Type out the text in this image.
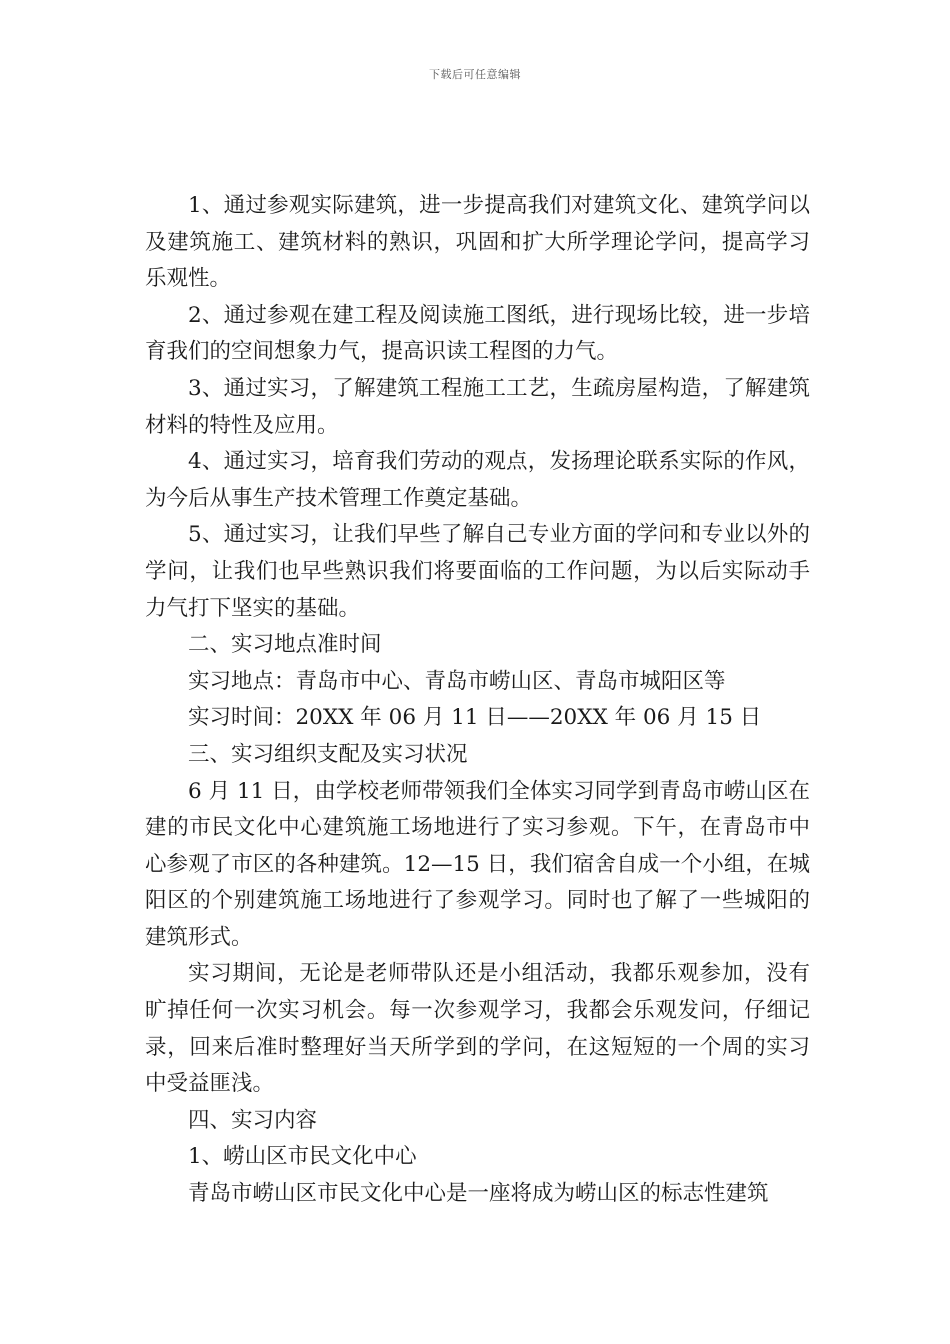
下载后可任意编辑

1、通过参观实际建筑，进一步提高我们对建筑文化、建筑学问以及建筑施工、建筑材料的熟识，巩固和扩大所学理论学问，提高学习乐观性。

2、通过参观在建工程及阅读施工图纸，进行现场比较，进一步培育我们的空间想象力气，提高识读工程图的力气。

3、通过实习，了解建筑工程施工工艺，生疏房屋构造，了解建筑材料的特性及应用。

4、通过实习，培育我们劳动的观点，发扬理论联系实际的作风，为今后从事生产技术管理工作奠定基础。

5、通过实习，让我们早些了解自己专业方面的学问和专业以外的学问，让我们也早些熟识我们将要面临的工作问题，为以后实际动手力气打下坚实的基础。

二、实习地点准时间

实习地点：青岛市中心、青岛市崂山区、青岛市城阳区等

实习时间：20XX 年 06 月 11 日——20XX 年 06 月 15 日

三、实习组织支配及实习状况

6 月 11 日，由学校老师带领我们全体实习同学到青岛市崂山区在建的市民文化中心建筑施工场地进行了实习参观。下午，在青岛市中心参观了市区的各种建筑。12—15 日，我们宿舍自成一个小组，在城阳区的个别建筑施工场地进行了参观学习。同时也了解了一些城阳的建筑形式。

实习期间，无论是老师带队还是小组活动，我都乐观参加，没有旷掉任何一次实习机会。每一次参观学习，我都会乐观发问，仔细记录，回来后准时整理好当天所学到的学问，在这短短的一个周的实习中受益匪浅。

四、实习内容

1、崂山区市民文化中心

青岛市崂山区市民文化中心是一座将成为崂山区的标志性建筑
